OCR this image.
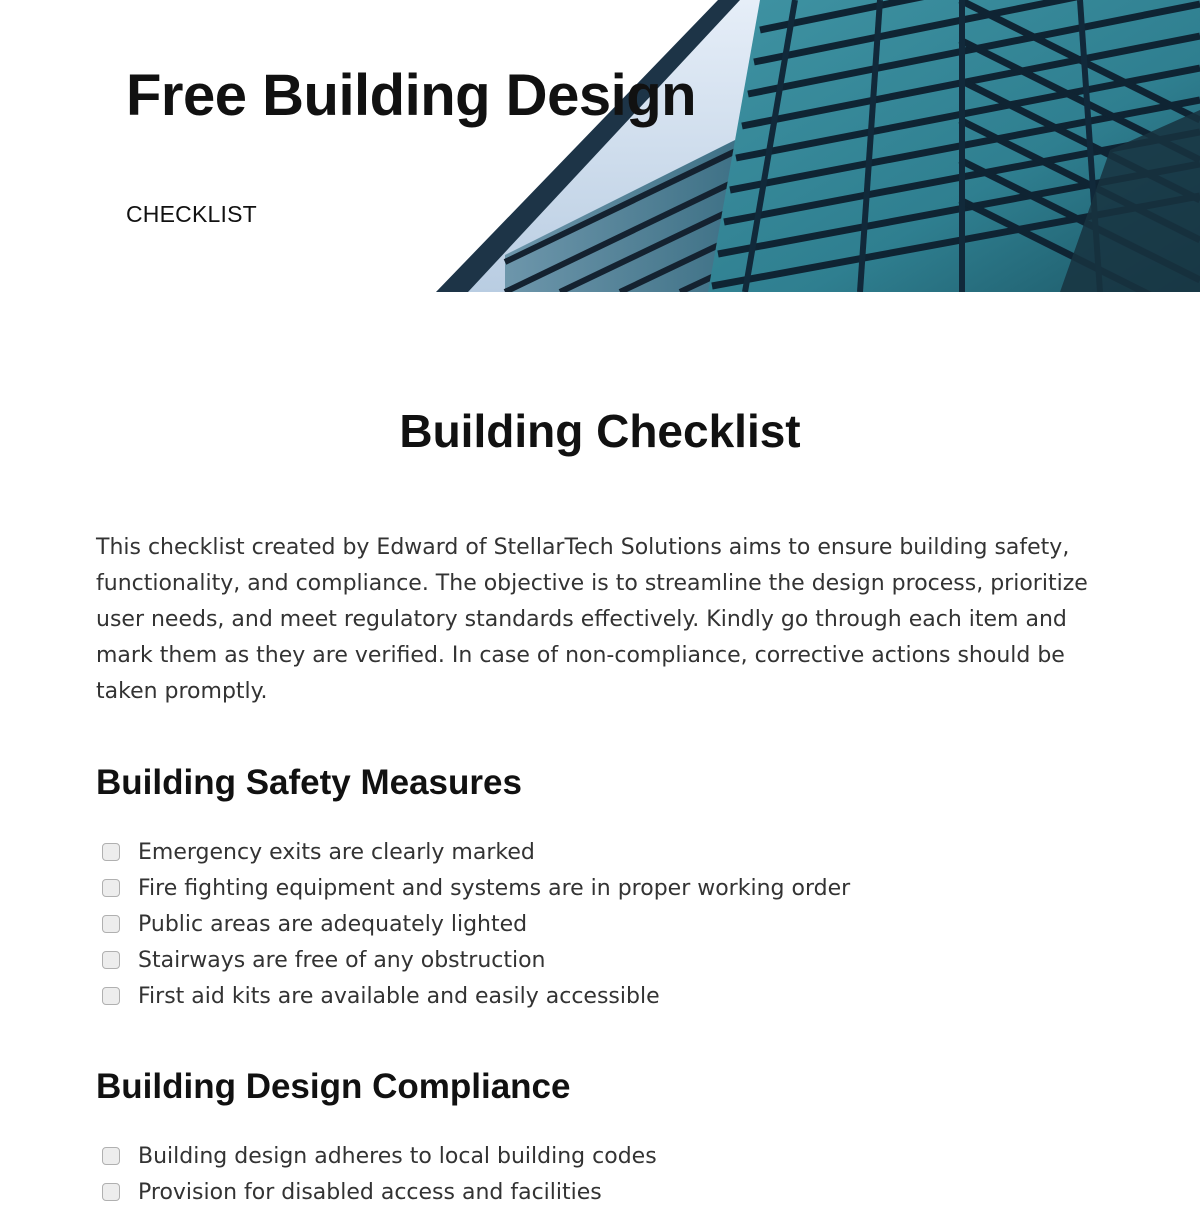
Free Building Design

CHECKLIST

Building Checklist

This checklist created by Edward of StellarTech Solutions aims to ensure building safety, functionality, and compliance. The objective is to streamline the design process, prioritize user needs, and meet regulatory standards effectively. Kindly go through each item and mark them as they are verified. In case of non-compliance, corrective actions should be taken promptly.

Building Safety Measures
Emergency exits are clearly marked
Fire fighting equipment and systems are in proper working order
Public areas are adequately lighted
Stairways are free of any obstruction
First aid kits are available and easily accessible
Building Design Compliance
Building design adheres to local building codes
Provision for disabled access and facilities
